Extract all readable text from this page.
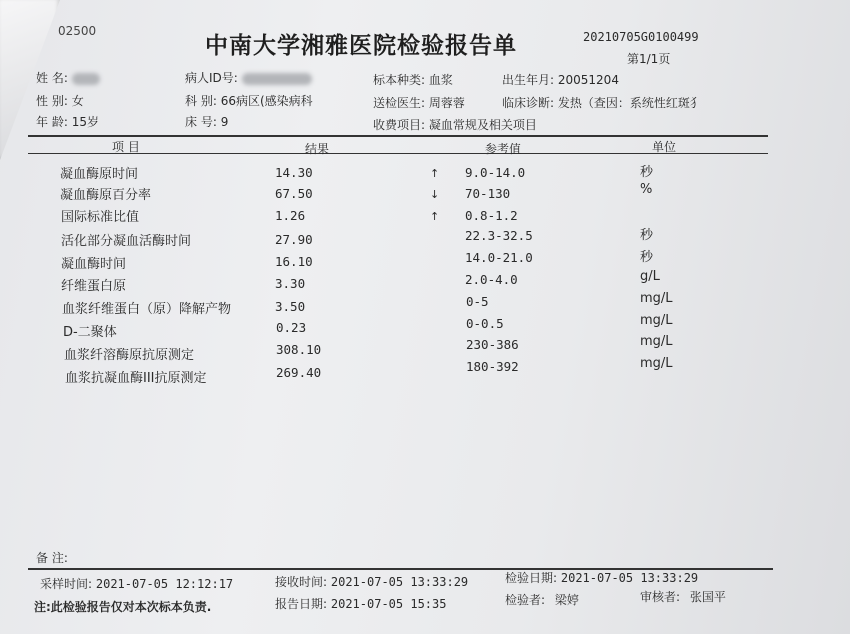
02500
中南大学湘雅医院检验报告单	20210705G0100499
第1/1页
姓 名:
性 别: 女
年 龄: 15岁
病人ID号:
科 别: 66病区(感染病科
床 号: 9
标本种类: 血浆
送检医生: 周蓉蓉
收费项目: 凝血常规及相关项目
出生年月: 20051204
临床诊断: 发热（查因：系统性红斑犭
项 目	结果	参考值	单位
凝血酶原时间	14.30	↑ 9.0-14.0	秒
凝血酶原百分率	67.50	↓ 70-130	%
国际标准比值	1.26	↑ 0.8-1.2
活化部分凝血活酶时间	27.90	22.3-32.5	秒
凝血酶时间	16.10	14.0-21.0	秒
纤维蛋白原	3.30	2.0-4.0	g/L
血浆纤维蛋白（原）降解产物	3.50	0-5	mg/L
D-二聚体	0.23	0-0.5	mg/L
血浆纤溶酶原抗原测定	308.10	230-386	mg/L
血浆抗凝血酶III抗原测定	269.40	180-392	mg/L
备 注:
采样时间: 2021-07-05 12:12:17	接收时间: 2021-07-05 13:33:29	检验日期: 2021-07-05 13:33:29
注:此检验报告仅对本次标本负责.	报告日期: 2021-07-05 15:35	检验者: 梁婷	审核者: 张国平
